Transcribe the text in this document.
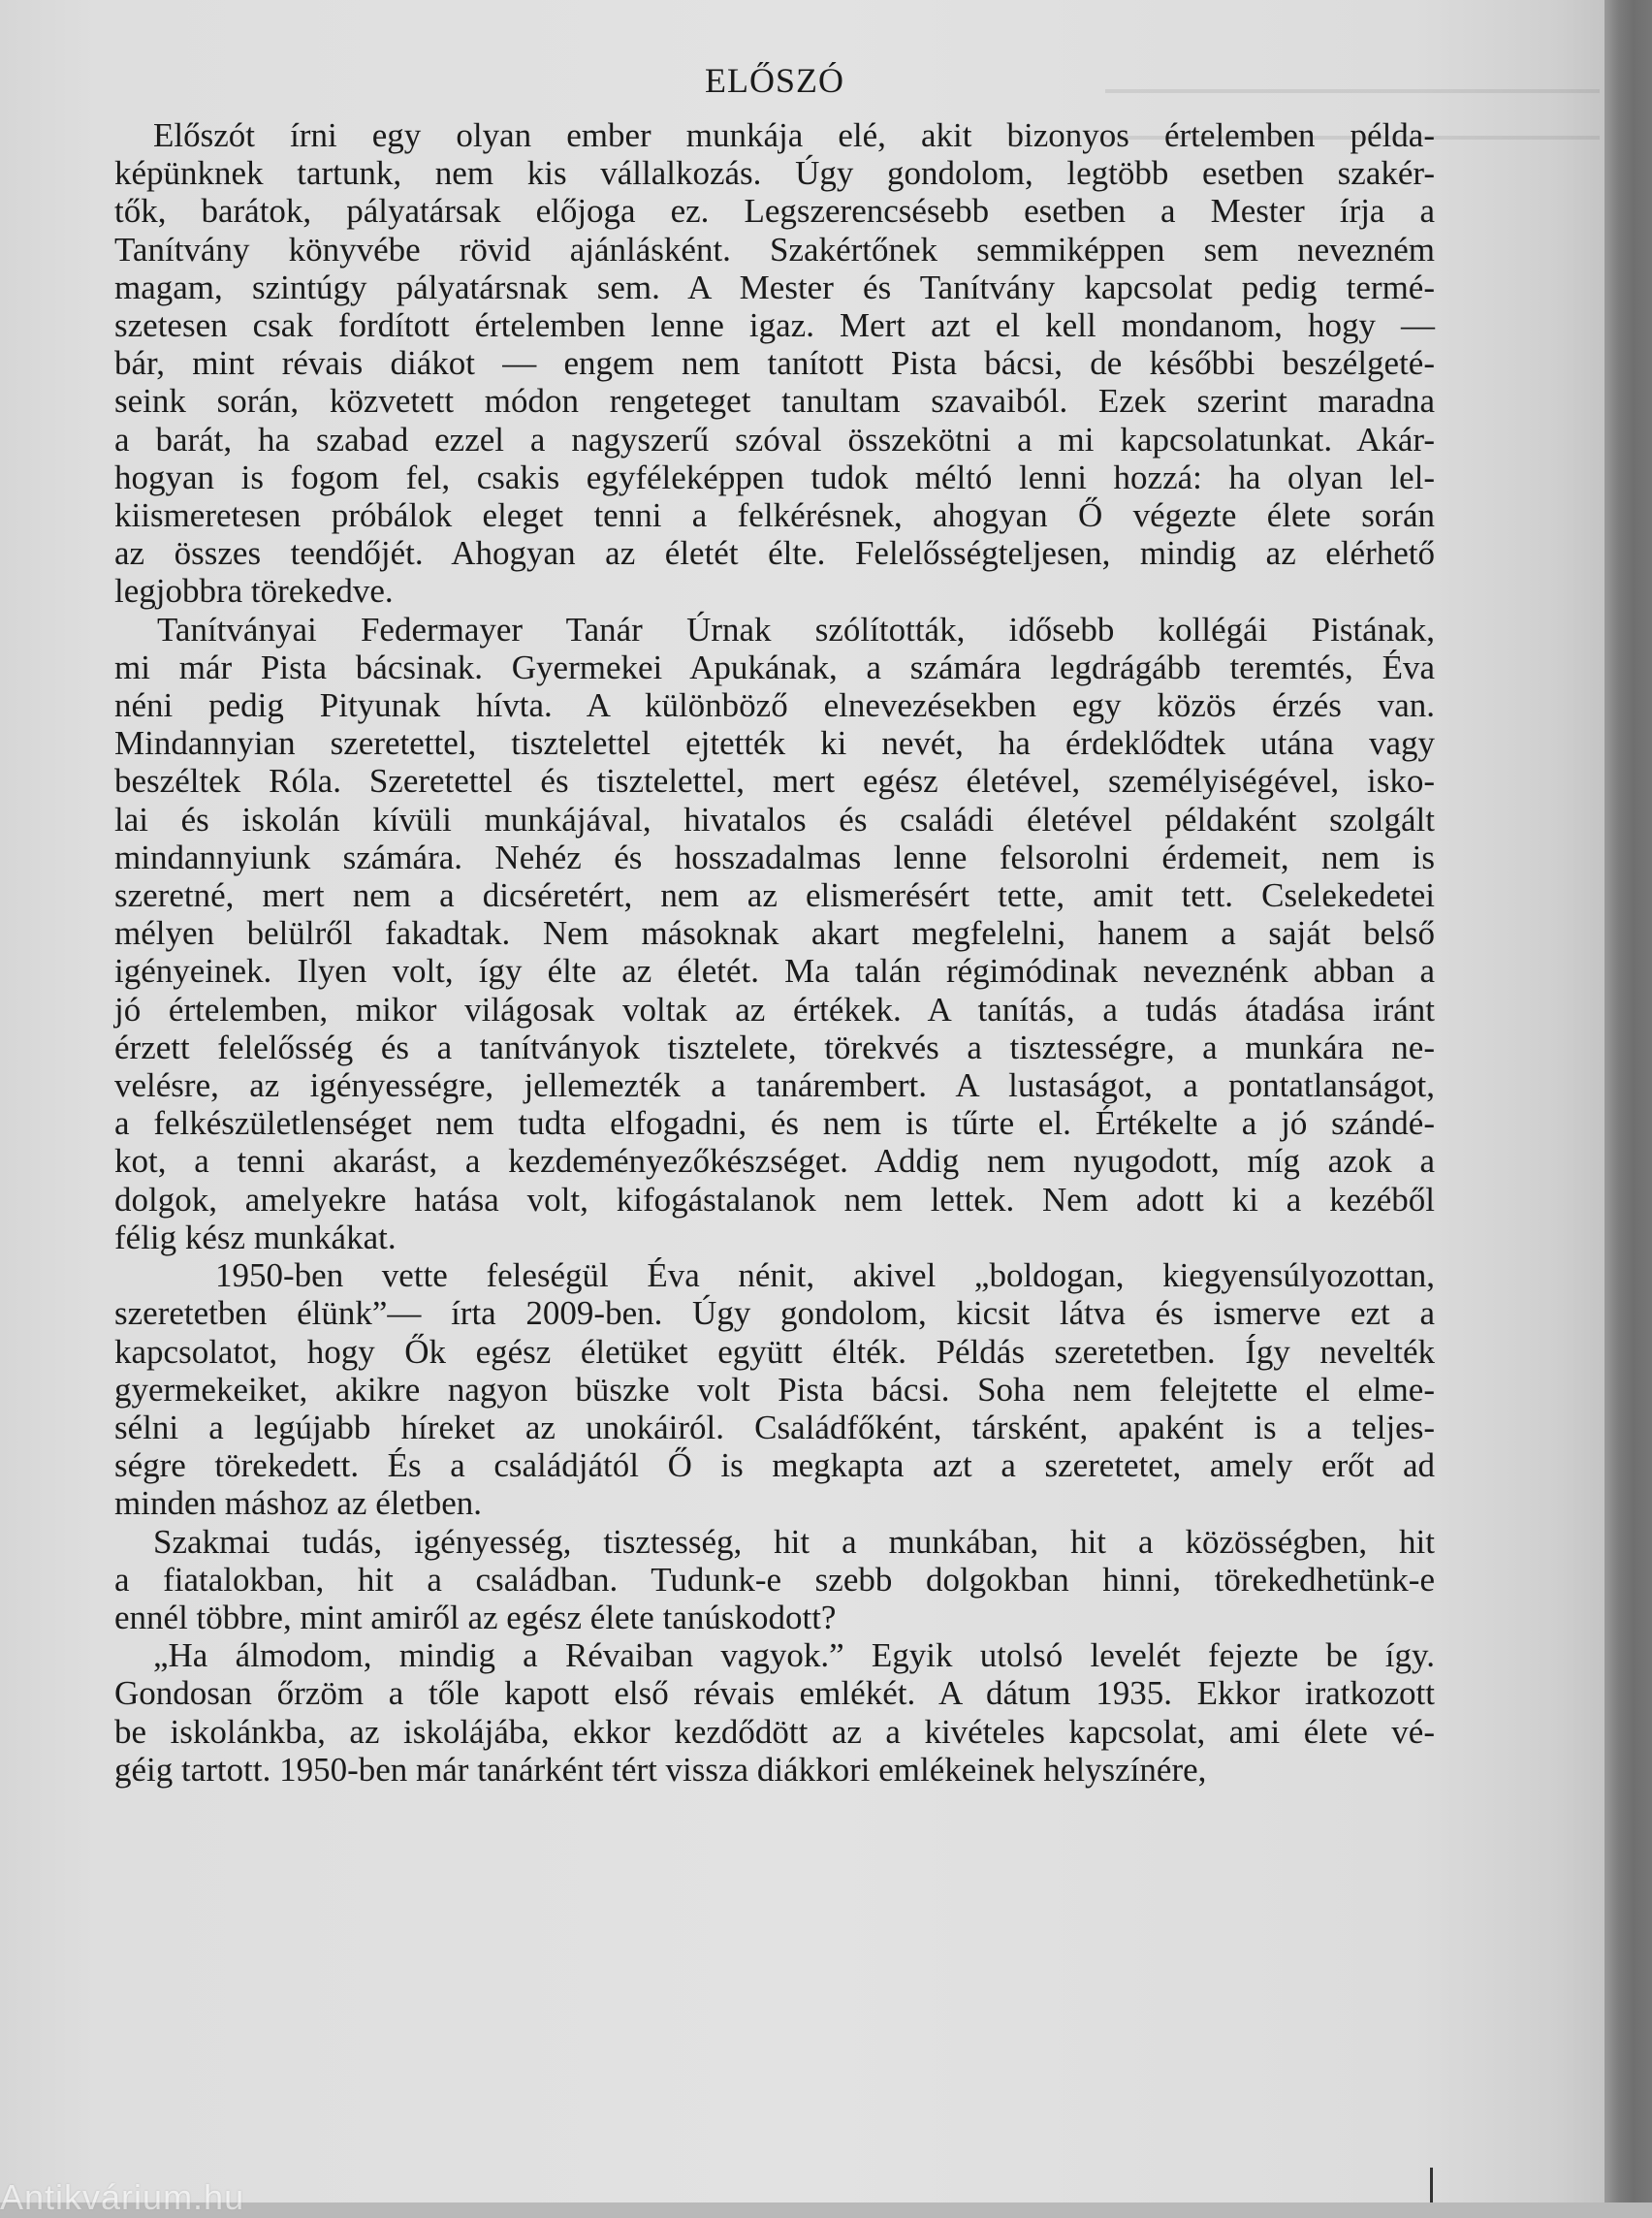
ELŐSZÓ
Előszót írni egy olyan ember munkája elé, akit bizonyos értelemben példa-
képünknek tartunk, nem kis vállalkozás. Úgy gondolom, legtöbb esetben szakér-
tők, barátok, pályatársak előjoga ez. Legszerencsésebb esetben a Mester írja a
Tanítvány könyvébe rövid ajánlásként. Szakértőnek semmiképpen sem nevezném
magam, szintúgy pályatársnak sem. A Mester és Tanítvány kapcsolat pedig termé-
szetesen csak fordított értelemben lenne igaz. Mert azt el kell mondanom, hogy —
bár, mint révais diákot — engem nem tanított Pista bácsi, de későbbi beszélgeté-
seink során, közvetett módon rengeteget tanultam szavaiból. Ezek szerint maradna
a barát, ha szabad ezzel a nagyszerű szóval összekötni a mi kapcsolatunkat. Akár-
hogyan is fogom fel, csakis egyféleképpen tudok méltó lenni hozzá: ha olyan lel-
kiismeretesen próbálok eleget tenni a felkérésnek, ahogyan Ő végezte élete során
az összes teendőjét. Ahogyan az életét élte. Felelősségteljesen, mindig az elérhető
legjobbra törekedve.
Tanítványai Federmayer Tanár Úrnak szólították, idősebb kollégái Pistának,
mi már Pista bácsinak. Gyermekei Apukának, a számára legdrágább teremtés, Éva
néni pedig Pityunak hívta. A különböző elnevezésekben egy közös érzés van.
Mindannyian szeretettel, tisztelettel ejtették ki nevét, ha érdeklődtek utána vagy
beszéltek Róla. Szeretettel és tisztelettel, mert egész életével, személyiségével, isko-
lai és iskolán kívüli munkájával, hivatalos és családi életével példaként szolgált
mindannyiunk számára. Nehéz és hosszadalmas lenne felsorolni érdemeit, nem is
szeretné, mert nem a dicséretért, nem az elismerésért tette, amit tett. Cselekedetei
mélyen belülről fakadtak. Nem másoknak akart megfelelni, hanem a saját belső
igényeinek. Ilyen volt, így élte az életét. Ma talán régimódinak neveznénk abban a
jó értelemben, mikor világosak voltak az értékek. A tanítás, a tudás átadása iránt
érzett felelősség és a tanítványok tisztelete, törekvés a tisztességre, a munkára ne-
velésre, az igényességre, jellemezték a tanárembert. A lustaságot, a pontatlanságot,
a felkészületlenséget nem tudta elfogadni, és nem is tűrte el. Értékelte a jó szándé-
kot, a tenni akarást, a kezdeményezőkészséget. Addig nem nyugodott, míg azok a
dolgok, amelyekre hatása volt, kifogástalanok nem lettek. Nem adott ki a kezéből
félig kész munkákat.
1950-ben vette feleségül Éva nénit, akivel „boldogan, kiegyensúlyozottan,
szeretetben élünk”— írta 2009-ben. Úgy gondolom, kicsit látva és ismerve ezt a
kapcsolatot, hogy Ők egész életüket együtt élték. Példás szeretetben. Így nevelték
gyermekeiket, akikre nagyon büszke volt Pista bácsi. Soha nem felejtette el elme-
sélni a legújabb híreket az unokáiról. Családfőként, társként, apaként is a teljes-
ségre törekedett. És a családjától Ő is megkapta azt a szeretetet, amely erőt ad
minden máshoz az életben.
Szakmai tudás, igényesség, tisztesség, hit a munkában, hit a közösségben, hit
a fiatalokban, hit a családban. Tudunk-e szebb dolgokban hinni, törekedhetünk-e
ennél többre, mint amiről az egész élete tanúskodott?
„Ha álmodom, mindig a Révaiban vagyok.” Egyik utolsó levelét fejezte be így.
Gondosan őrzöm a tőle kapott első révais emlékét. A dátum 1935. Ekkor iratkozott
be iskolánkba, az iskolájába, ekkor kezdődött az a kivételes kapcsolat, ami élete vé-
géig tartott. 1950-ben már tanárként tért vissza diákkori emlékeinek helyszínére,
Antikvárium.hu
